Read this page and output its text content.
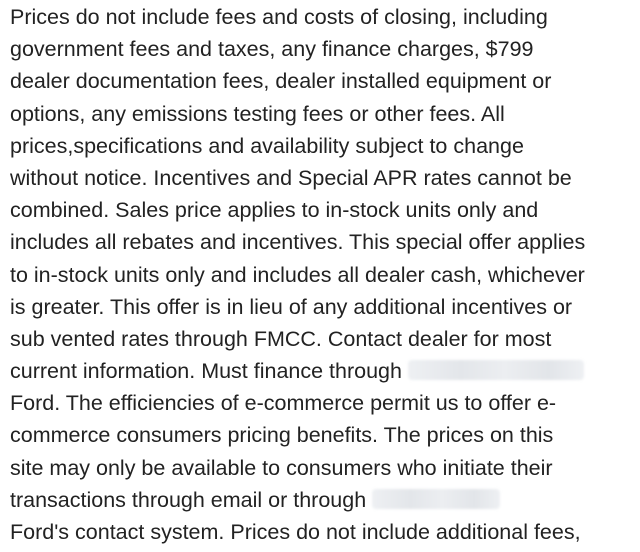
Prices do not include fees and costs of closing, including
government fees and taxes, any finance charges, $799
dealer documentation fees, dealer installed equipment or
options, any emissions testing fees or other fees. All
prices,specifications and availability subject to change
without notice. Incentives and Special APR rates cannot be
combined. Sales price applies to in-stock units only and
includes all rebates and incentives. This special offer applies
to in-stock units only and includes all dealer cash, whichever
is greater. This offer is in lieu of any additional incentives or
sub vented rates through FMCC. Contact dealer for most
current information. Must finance through
Ford. The efficiencies of e-commerce permit us to offer e-
commerce consumers pricing benefits. The prices on this
site may only be available to consumers who initiate their
transactions through email or through
Ford's contact system. Prices do not include additional fees,
